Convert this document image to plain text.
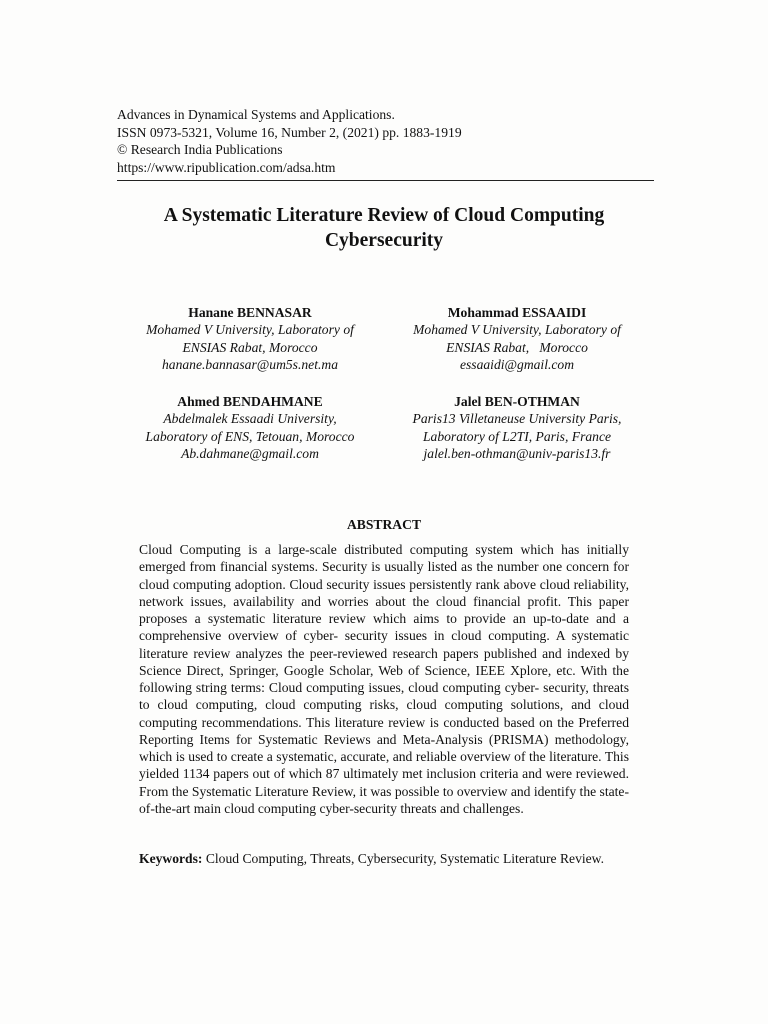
Advances in Dynamical Systems and Applications.
ISSN 0973-5321, Volume 16, Number 2, (2021) pp. 1883-1919
© Research India Publications
https://www.ripublication.com/adsa.htm
A Systematic Literature Review of Cloud Computing
Cybersecurity
Hanane BENNASAR
Mohamed V University, Laboratory of
ENSIAS Rabat, Morocco
hanane.bannasar@um5s.net.ma
Mohammad ESSAAIDI
Mohamed V University, Laboratory of
ENSIAS Rabat,   Morocco
essaaidi@gmail.com
Ahmed BENDAHMANE
Abdelmalek Essaadi University,
Laboratory of ENS, Tetouan, Morocco
Ab.dahmane@gmail.com
Jalel BEN-OTHMAN
Paris13 Villetaneuse University Paris,
Laboratory of L2TI, Paris, France
jalel.ben-othman@univ-paris13.fr
ABSTRACT
Cloud Computing is a large-scale distributed computing system which has initially emerged from financial systems. Security is usually listed as the number one concern for cloud computing adoption. Cloud security issues persistently rank above cloud reliability, network issues, availability and worries about the cloud financial profit. This paper proposes a systematic literature review which aims to provide an up-to-date and a comprehensive overview of cyber- security issues in cloud computing. A systematic literature review analyzes the peer-reviewed research papers published and indexed by Science Direct, Springer, Google Scholar, Web of Science, IEEE Xplore, etc. With the following string terms: Cloud computing issues, cloud computing cyber- security, threats to cloud computing, cloud computing risks, cloud computing solutions, and cloud computing recommendations. This literature review is conducted based on the Preferred Reporting Items for Systematic Reviews and Meta-Analysis (PRISMA) methodology, which is used to create a systematic, accurate, and reliable overview of the literature. This yielded 1134 papers out of which 87 ultimately met inclusion criteria and were reviewed. From the Systematic Literature Review, it was possible to overview and identify the state-of-the-art main cloud computing cyber-security threats and challenges.
Keywords: Cloud Computing, Threats, Cybersecurity, Systematic Literature Review.
